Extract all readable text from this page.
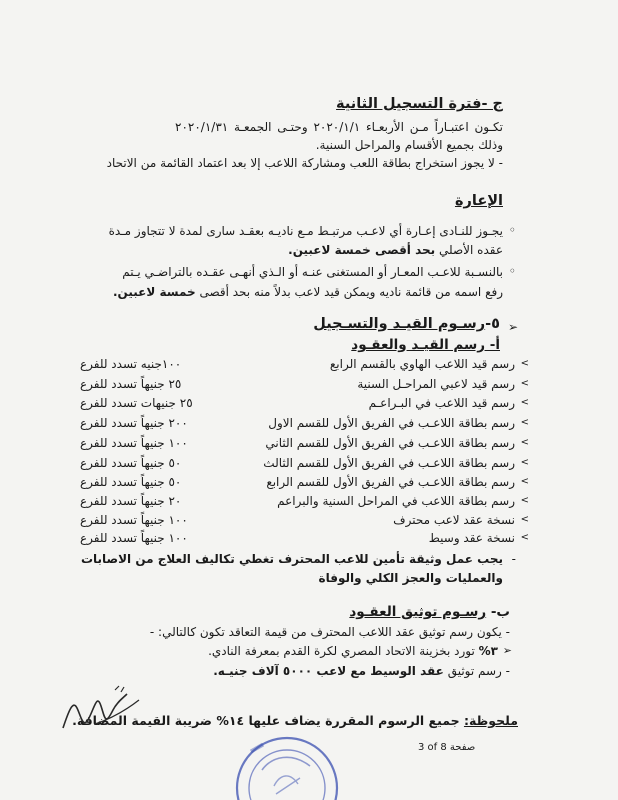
ج -فترة التسجيل الثانية
تكـون اعتبـاراً مـن الأربعـاء ٢٠٢٠/١/١ وحتـى الجمعـة ٢٠٢٠/١/٣١
وذلك بجميع الأقسام والمراحل السنية.
- لا يجوز استخراج بطاقة اللعب ومشاركة اللاعب إلا بعد اعتماد القائمة من الاتحاد
الإعارة
◦
يجـوز للنـادى إعـارة أي لاعـب مرتبـط مـع ناديـه بعقـد سارى لمدة لا تتجاوز مـدة
عقده الأصلي بحد أقصى خمسة لاعبين.
◦
بالنسـبة للاعـب المعـار أو المستغنى عنـه أو الـذي أنهـى عقـده بالتراضـي يـتم
رفع اسمه من قائمة ناديه ويمكن قيد لاعب بدلاً منه بحد أقصى خمسة لاعبين.
➢
٥-رسـوم القيـد والتسـجيل
أ- رسم القيـد والعقـود
>
رسم قيد اللاعب الهاوي بالقسم الرابع
١٠٠جنيه تسدد للفرع
>
رسم قيد لاعبي المراحـل السنية
٢٥ جنيهاً تسدد للفرع
>
رسم قيد اللاعب في البـراعـم
٢٥ جنيهات تسدد للفرع
>
رسم بطاقة اللاعـب في الفريق الأول للقسم الاول
٢٠٠ جنيهاً تسدد للفرع
>
رسم بطاقة اللاعـب في الفريق الأول للقسم الثاني
١٠٠ جنيهاً تسدد للفرع
>
رسم بطاقة اللاعـب في الفريق الأول للقسم الثالث
٥٠ جنيهاً تسدد للفرع
>
رسم بطاقة اللاعـب في الفريق الأول للقسم الرابع
٥٠ جنيهاً تسدد للفرع
>
رسم بطاقة اللاعب في المراحل السنية والبراعم
٢٠ جنيهاً تسدد للفرع
>
نسخة عقد لاعب محترف
١٠٠ جنيهاً تسدد للفرع
>
نسخة عقد وسيط
١٠٠ جنيهاً تسدد للفرع
-
يجب عمل وثيقة تأمين للاعب المحترف تغطي تكاليف العلاج من الاصابات
والعمليات والعجز الكلي والوفاة
ب- رسـوم توثيق العقـود
- يكون رسم توثيق عقد اللاعب المحترف من قيمة التعاقد تكون كالتالي: -
➢
٣% تورد بخزينة الاتحاد المصري لكرة القدم بمعرفة النادي.
- رسم توثيق عقد الوسيط مع لاعب ٥٠٠٠ آلاف جنيـه.
ملحوظة: جميع الرسوم المقررة يضاف عليها ١٤% ضريبة القيمة المضافة.
3 of 8 صفحة
